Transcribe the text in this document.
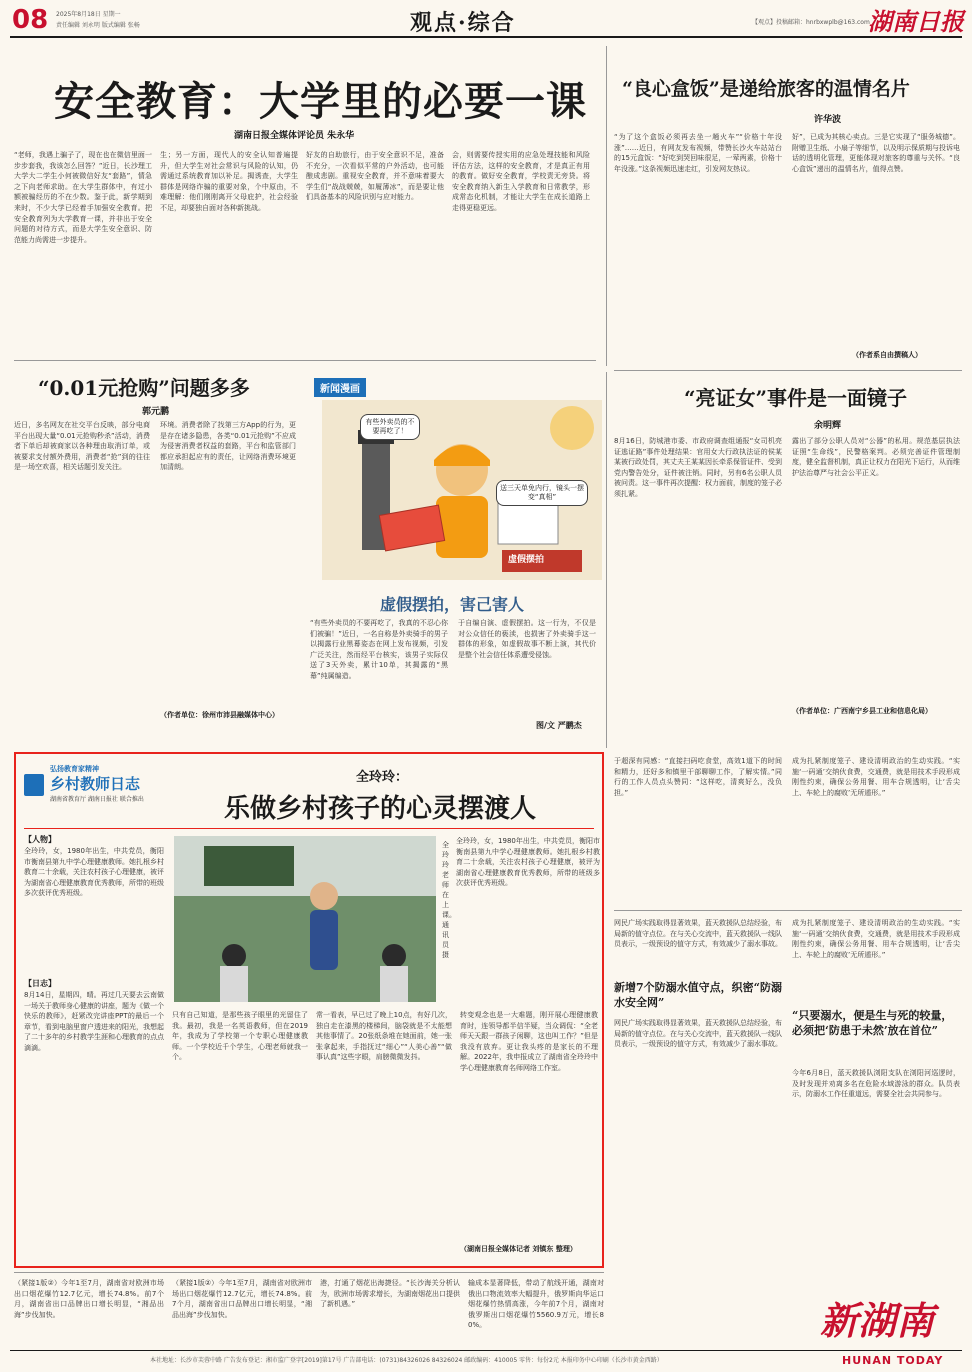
08 2025年8月18日 星期一
责任编辑 刘永明 版式编辑 张畅	观点·综合	【观点】投稿邮箱：hnrbxwplb@163.com
湖南日报
安全教育：大学里的必要一课
湖南日报全媒体评论员 朱永华
“老师，我遇上骗子了，现在也在微信里面一步步套我，我该怎么回答？”近日，长沙理工大学大二学生小何被微信好友“套路”，情急之下向老师求助。在大学生群体中，有过小额被骗经历的不在少数。鉴于此，新学期到来时，不少大学已经着手加强安全教育。把安全教育列为大学教育一课，并非出于安全问题的对待方式，而是大学生安全意识、防范能力尚需进一步提升。
生；另一方面，现代人的安全认知普遍提升，但大学生对社会常识与风险的认知，仍需通过系统教育加以补足。揭诱查，大学生群体是网络诈骗的重要对象，个中原由，不难理解：他们刚刚离开父母庇护，社会经验不足，却要独自面对各种新挑战。
好友的自助旅行，由于安全意识不足，准备不充分，一次看似平常的户外活动，也可能酿成悲剧。重视安全教育，并不意味着要大学生们“战战兢兢，如履薄冰”，而是要让他们具备基本的风险识别与应对能力。
会，则需要传授实用的应急处理技能和风险评估方法，这样的安全教育，才是真正有用的教育。做好安全教育，学校责无旁贷。将安全教育纳入新生入学教育和日常教学，形成常态化机制，才能让大学生在成长道路上走得更稳更远。
“良心盒饭”是递给旅客的温情名片
许华波
“为了这个盒饭必须再去坐一趟火车”“价格十年没涨”……近日，有网友发布视频，带赞长沙火车站站台的15元盒饭：“好吃到哭回味很足，一荤两素，价格十年没涨。”这条视频迅速走红，引发网友热议。
好”，已成为其核心卖点。三是它实现了“服务城德”。附赠卫生纸、小扇子等细节，以及明示保质期与投诉电话的透明化管理，更能体现对旅客的尊重与关怀。“良心盒饭”递出的温情名片，值得点赞。
（作者系自由撰稿人）
“0.01元抢购”问题多多
郭元鹏
近日，多名网友在社交平台反映，部分电商平台出现大量“0.01元抢购秒杀”活动，消费者下单后却被商家以各种理由取消订单，或被要求支付额外费用，消费者“抢”到的往往是一场空欢喜，相关话题引发关注。
环境。消费者除了找第三方App的行为，更是存在诸多隐患，各类“0.01元抢购”不应成为侵害消费者权益的套路，平台和监管部门都应承担起应有的责任，让网络消费环境更加清朗。
（作者单位：徐州市沛县融媒体中心）
新闻漫画
有些外卖员的不要再吃了！
送三天单免内行，镜头一摆变“真相”
虚假摆拍
虚假摆拍，害己害人
“有些外卖员的不要再吃了，我真的不忍心你们被骗！”近日，一名自称是外卖骑手的男子以揭露行业黑幕姿态在网上发布视频，引发广泛关注，然而经平台核实，该男子实际仅送了3天外卖，累计10单，其揭露的“黑幕”纯属编造。
于自编自演、虚假摆拍。这一行为，不仅是对公众信任的亵渎，也损害了外卖骑手这一群体的形象，如虚假故事不断上演，其代价是整个社会信任体系遭受侵蚀。
图/文 严鹏杰
“亮证女”事件是一面镜子
余明辉
8月16日，防城港市委、市政府调查组通报“女司机亮证逃证路”事件处理结果：官用女大行政执法证的侯某某被行政处罚，其丈夫王某某因长牵系保管证件、受到党内警告处分，证件被注销。同时，另有6名公职人员被问责。这一事件再次提醒：权力面前，制度的笼子必须扎紧。
露出了部分公职人员对“公器”的私用。规范基层执法证照“生命线”，民警格案判。必须完善证件管理制度，健全监督机制，真正让权力在阳光下运行，从而维护法治尊严与社会公平正义。
（作者单位：广西南宁乡县工业和信息化局）
弘扬教育家精神
乡村教师日志
湖南省教育厅 湖南日报社 联合推出
全玲玲：
乐做乡村孩子的心灵摆渡人
【人物】
全玲玲，女，1980年出生，中共党员，衡阳市衡南县第九中学心理健康教师。她扎根乡村教育二十余载，关注农村孩子心理健康，被评为湖南省心理健康教育优秀教师，所带的班级多次获评优秀班级。
【日志】
全玲玲老师在上课。通讯员 摄
全玲玲，女，1980年出生，中共党员，衡阳市衡南县第九中学心理健康教师。她扎根乡村教育二十余载，关注农村孩子心理健康，被评为湖南省心理健康教育优秀教师，所带的班级多次获评优秀班级。
8月14日，星期四，晴。再过几天要去云南做一场关于教师身心健康的讲座，题为《做一个快乐的教师》，赶紧改完讲座PPT的最后一个章节，看到电脑里窗户透进来的阳光，我想起了二十多年的乡村教学生涯和心理教育的点点滴滴。
只有自己知道，是那些孩子眼里的光留住了我。最初，我是一名英语教师，但在2019年，我成为了学校第一个专职心理健康教师。一个学校近千个学生，心理老师就我一个。
常一看表，早已过了晚上10点，有好几次，独自走在漆黑的楼梯间，脑袋就是不太能想其他事情了。20张纸条堆在她面前，她一张张拿起来，手指抚过“细心”“人美心善”“做事认真”这些字眼，肩膀微微发抖。
转变观念也是一大难题，刚开展心理健康教育时，连领导都半信半疑，当众调侃：“全老师天天跟一群孩子闲聊，这也叫工作？”但是我没有放弃。更让我头疼的是家长的不理解。2022年，我申报成立了湖南省全玲玲中学心理健康教育名师网络工作室。
（湖南日报全媒体记者 刘镇东 整理）
于超深有同感：“直接扫码吃食堂，高效1道下的时间和精力，还好多和镇里干部聊聊工作，了解实情。”同行的工作人员点头赞同：“这样吃，清爽好么，没负担。”
成为扎紧制度笼子、建设清明政治的生动实践。“实施‘一码通’交纳伙食费，交通费，就是用技术手段形成刚性约束，确保公务用餐、用车合规透明，让‘舌尖上、车轮上的腐败’无所遁形。”
网民广场实践取得显著效果，蓝天救援队总结经验，布局新的值守点位。在与关心交流中，蓝天救援队一线队员表示，一级预设的值守方式，有效减少了溺水事故。
新增7个防溺水值守点，织密“防溺水安全网”
网民广场实践取得显著效果，蓝天救援队总结经验，布局新的值守点位。在与关心交流中，蓝天救援队一线队员表示，一级预设的值守方式，有效减少了溺水事故。
成为扎紧制度笼子、建设清明政治的生动实践。“实施‘一码通’交纳伙食费，交通费，就是用技术手段形成刚性约束，确保公务用餐、用车合规透明，让‘舌尖上、车轮上的腐败’无所遁形。”
“只要溺水，便是生与死的较量，必须把‘防患于未然’放在首位”
今年6月8日，蓝天救援队浏阳支队在浏阳河巡逻时，及时发现并劝离多名在危险水域游泳的群众。队员表示，防溺水工作任重道远，需要全社会共同参与。
（紧接1版②）今年1至7月，湖南省对欧洲市场出口烟花爆竹12.7亿元，增长74.8%。前7个月，湖南省出口品牌出口增长明显，“湘品出海”步伐加快。
（紧接1版②）今年1至7月，湖南省对欧洲市场出口烟花爆竹12.7亿元，增长74.8%。前7个月，湖南省出口品牌出口增长明显，“湘品出海”步伐加快。
港，打通了烟花出海捷径。“长沙海关分析认为，欧洲市场需求增长，为湖南烟花出口提供了新机遇。”
输成本显著降低，带动了航线开通，湖南对俄出口物流效率大幅提升，俄罗斯向华运口烟花爆竹热情高涨，今年前7个月，湖南对俄罗斯出口烟花爆竹5560.9万元，增长80%。	新湖南
本社地址：长沙市芙蓉中路 广告发布登记：湘市监广登字[2019]第17号 广告部电话：(0731)84326026 84326024 邮政编码：410005 零售：每份2元 本报印务中心印刷（长沙市黄金西路）	HUNAN TODAY
